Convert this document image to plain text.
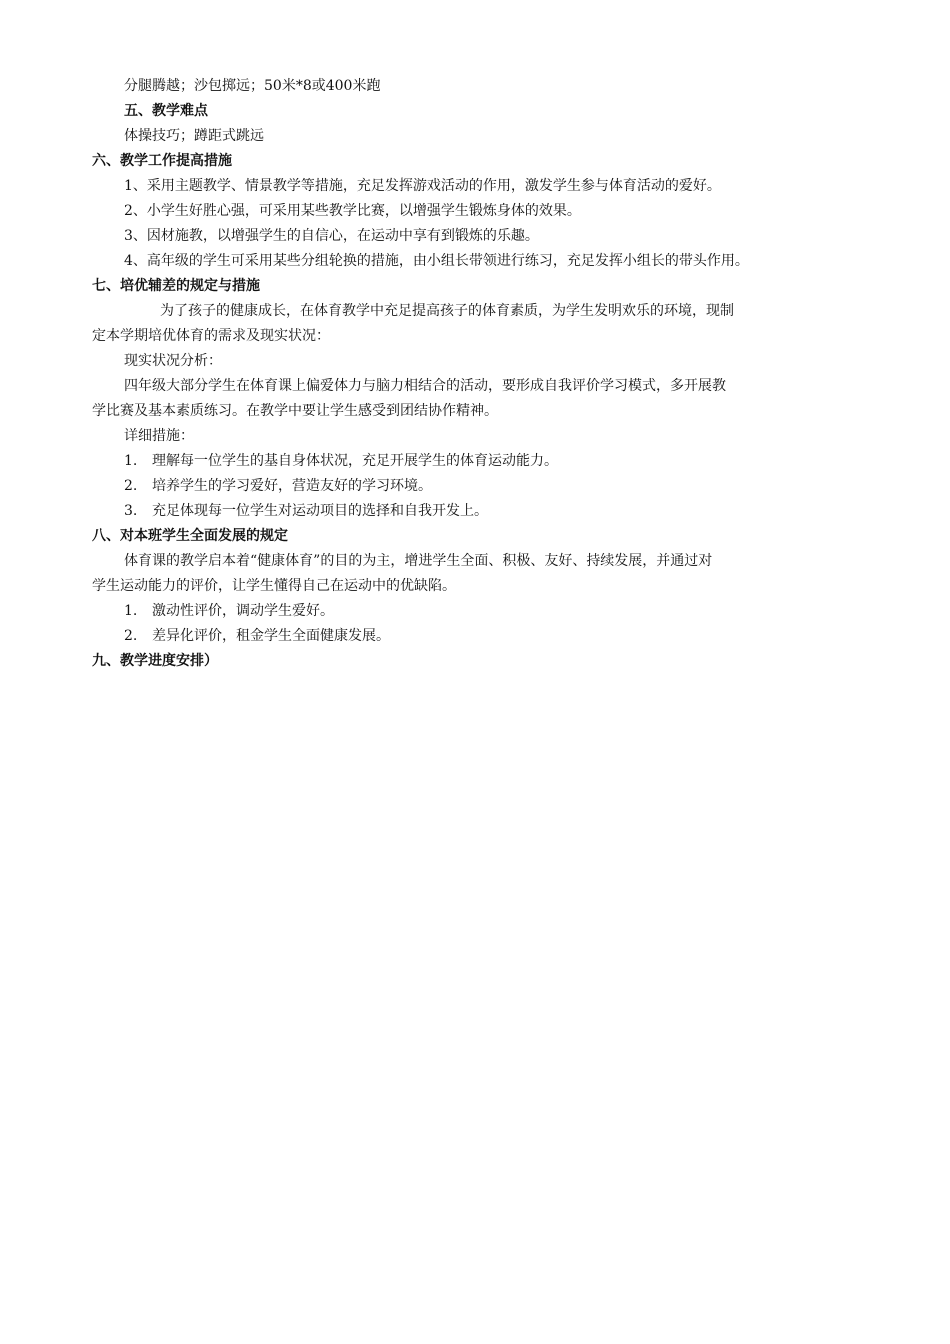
分腿腾越；沙包掷远；50米*8或400米跑
五、教学难点
体操技巧；蹲距式跳远
六、教学工作提高措施
1、采用主题教学、情景教学等措施，充足发挥游戏活动的作用，激发学生参与体育活动的爱好。
2、小学生好胜心强，可采用某些教学比赛，以增强学生锻炼身体的效果。
3、因材施教，以增强学生的自信心，在运动中享有到锻炼的乐趣。
4、高年级的学生可采用某些分组轮换的措施，由小组长带领进行练习，充足发挥小组长的带头作用。
七、培优辅差的规定与措施
为了孩子的健康成长，在体育教学中充足提高孩子的体育素质，为学生发明欢乐的环境，现制
定本学期培优体育的需求及现实状况：
现实状况分析：
四年级大部分学生在体育课上偏爱体力与脑力相结合的活动，要形成自我评价学习模式，多开展教
学比赛及基本素质练习。在教学中要让学生感受到团结协作精神。
详细措施：
1. 理解每一位学生的基自身体状况，充足开展学生的体育运动能力。
2. 培养学生的学习爱好，营造友好的学习环境。
3. 充足体现每一位学生对运动项目的选择和自我开发上。
八、对本班学生全面发展的规定
体育课的教学启本着“健康体育”的目的为主，增进学生全面、积极、友好、持续发展，并通过对
学生运动能力的评价，让学生懂得自己在运动中的优缺陷。
1. 激动性评价，调动学生爱好。
2. 差异化评价，租金学生全面健康发展。
九、教学进度安排）
